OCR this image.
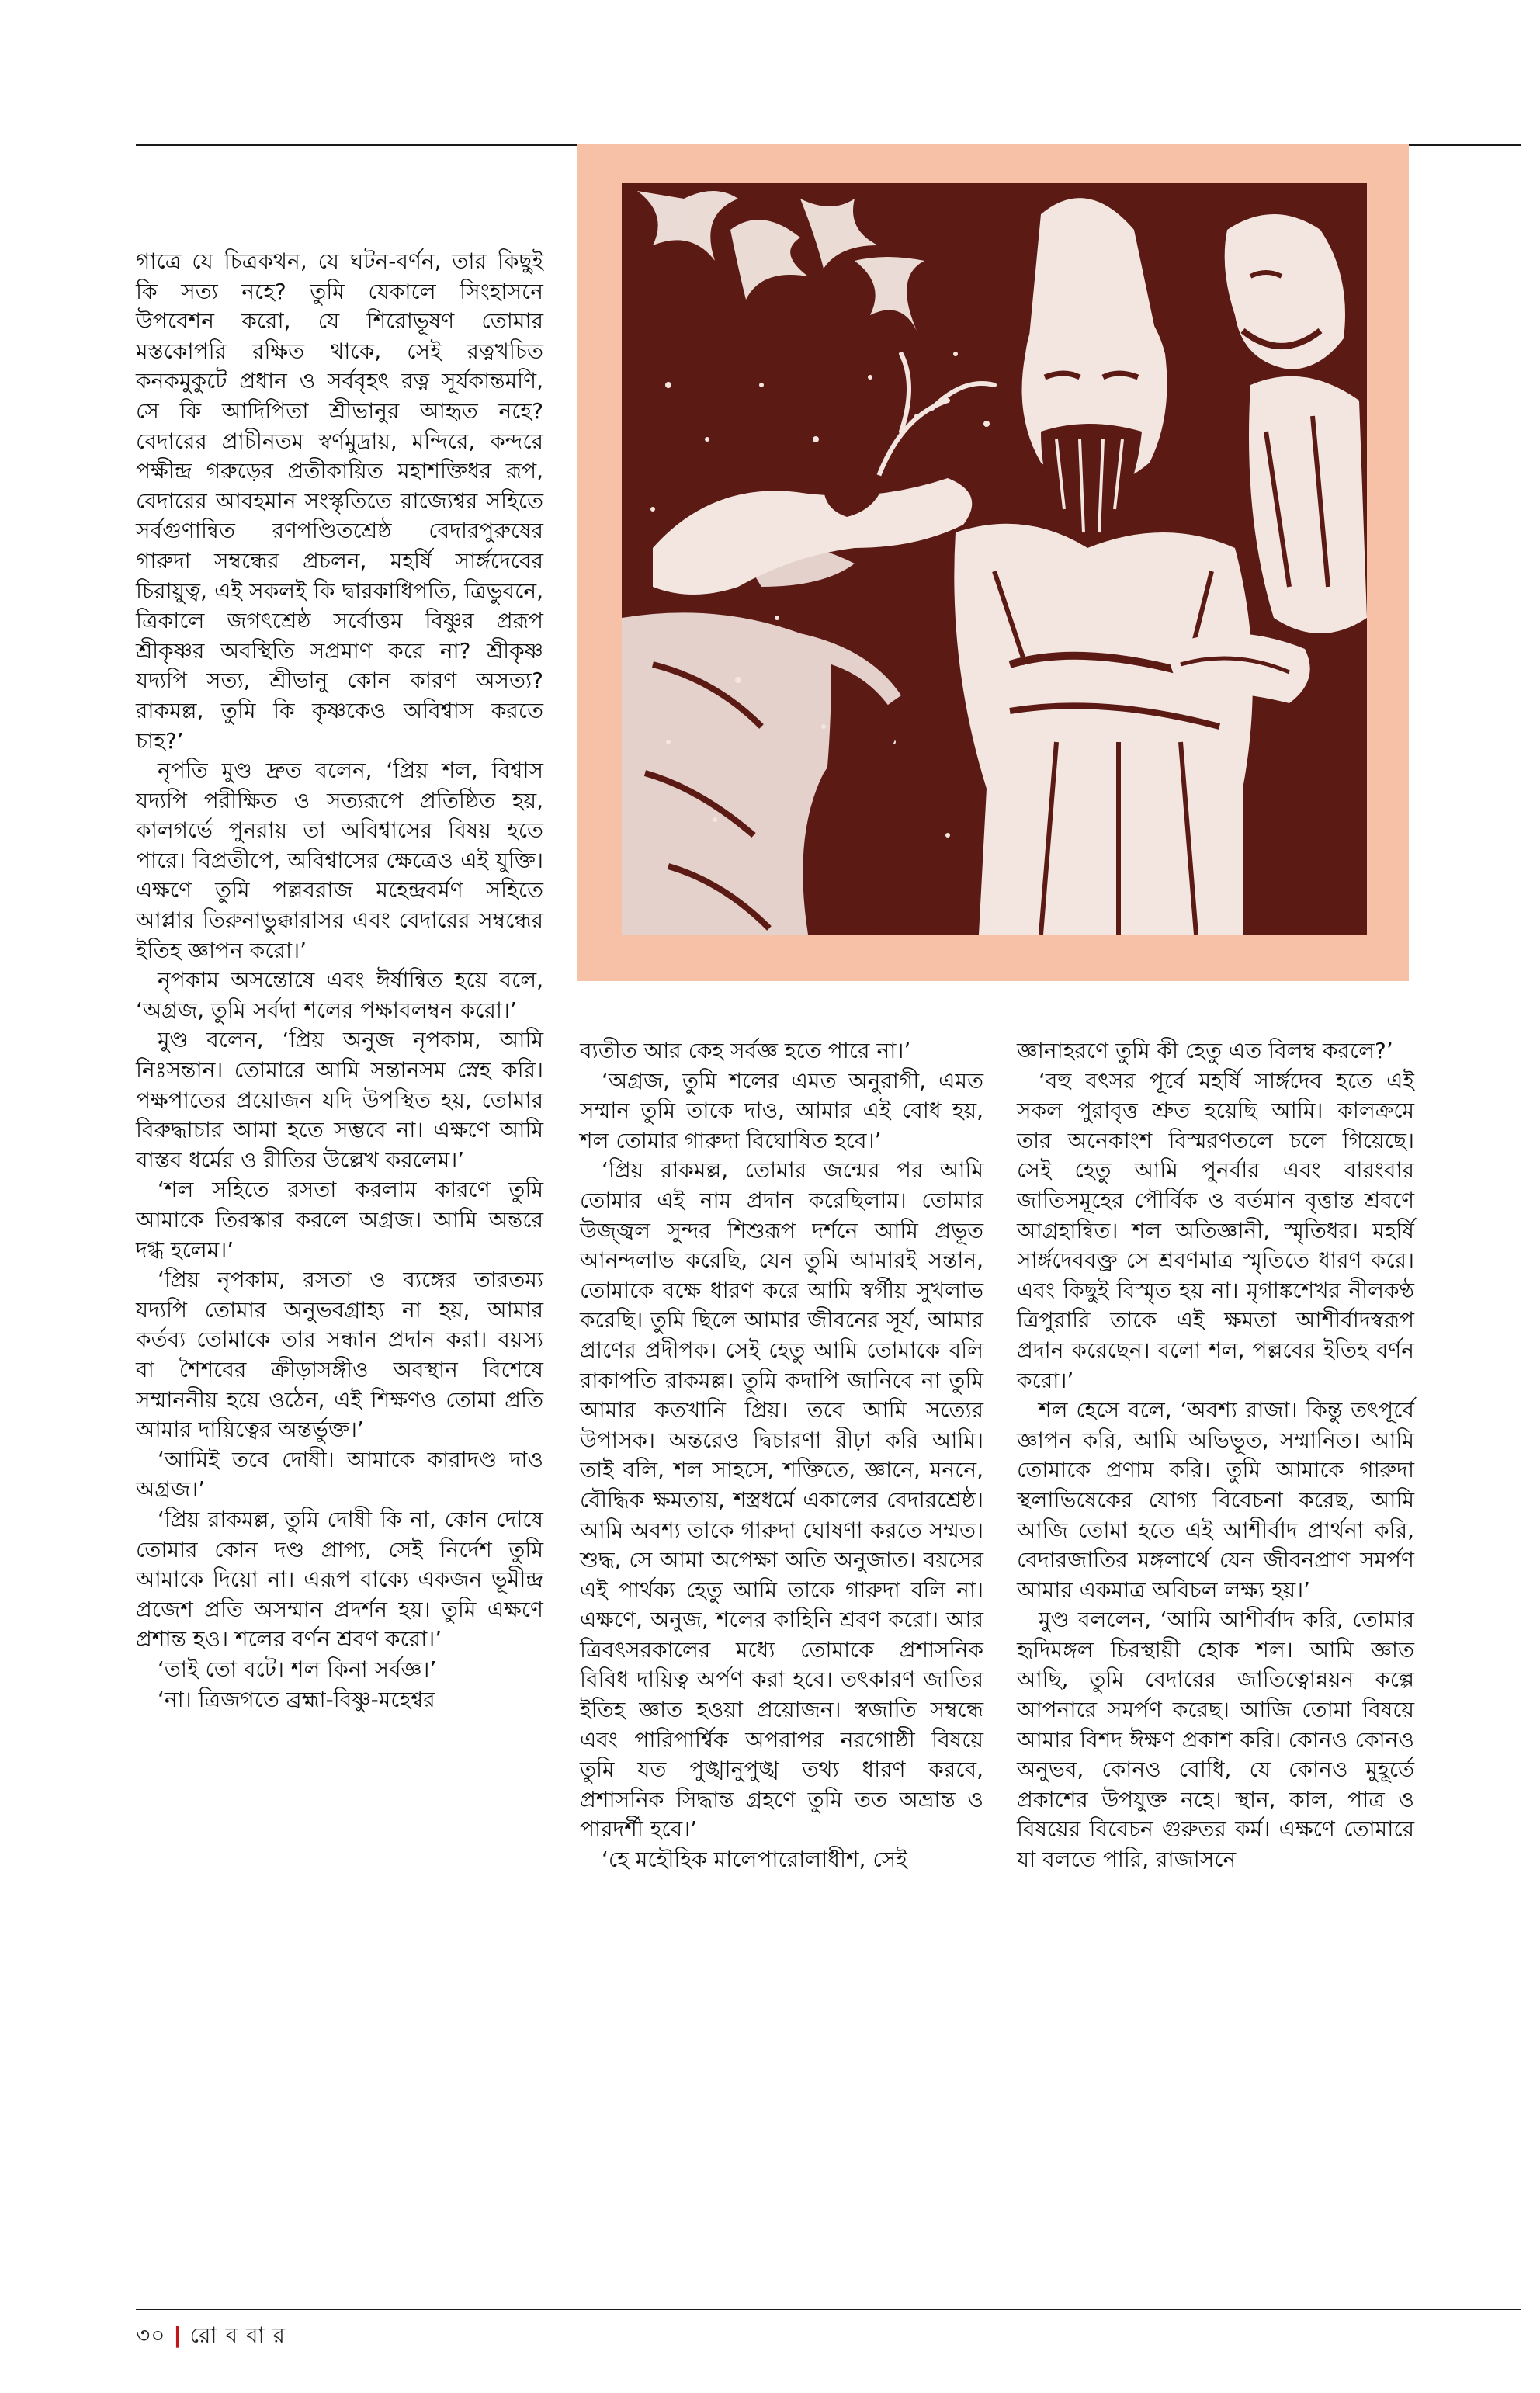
গাত্রে যে চিত্রকথন, যে ঘটন-বর্ণন, তার কিছুই কি সত্য নহে? তুমি যেকালে সিংহাসনে উপবেশন করো, যে শিরোভূষণ তোমার মস্তকোপরি রক্ষিত থাকে, সেই রত্নখচিত কনকমুকুটে প্রধান ও সর্ববৃহৎ রত্ন সূর্যকান্তমণি, সে কি আদিপিতা শ্রীভানুর আহৃত নহে? বেদারের প্রাচীনতম স্বর্ণমুদ্রায়, মন্দিরে, কন্দরে পক্ষীন্দ্র গরুড়ের প্রতীকায়িত মহাশক্তিধর রূপ, বেদারের আবহমান সংস্কৃতিতে রাজ্যেশ্বর সহিতে সর্বগুণান্বিত রণপণ্ডিতশ্রেষ্ঠ বেদারপুরুষের গারুদা সম্বন্ধের প্রচলন, মহর্ষি সার্ঙ্গদেবের চিরায়ুত্ব, এই সকলই কি দ্বারকাধিপতি, ত্রিভুবনে, ত্রিকালে জগৎশ্রেষ্ঠ সর্বোত্তম বিষ্ণুর প্ররূপ শ্রীকৃষ্ণর অবস্থিতি সপ্রমাণ করে না? শ্রীকৃষ্ণ যদ্যপি সত্য, শ্রীভানু কোন কারণ অসত্য? রাকমল্ল, তুমি কি কৃষ্ণকেও অবিশ্বাস করতে চাহ?’

নৃপতি মুণ্ড দ্রুত বলেন, ‘প্রিয় শল, বিশ্বাস যদ্যপি পরীক্ষিত ও সত্যরূপে প্রতিষ্ঠিত হয়, কালগর্ভে পুনরায় তা অবিশ্বাসের বিষয় হতে পারে। বিপ্রতীপে, অবিশ্বাসের ক্ষেত্রেও এই যুক্তি। এক্ষণে তুমি পল্লবরাজ মহেন্দ্রবর্মণ সহিতে আপ্লার তিরুনাভুক্কারাসর এবং বেদারের সম্বন্ধের ইতিহ জ্ঞাপন করো।’

নৃপকাম অসন্তোষে এবং ঈর্ষান্বিত হয়ে বলে, ‘অগ্রজ, তুমি সর্বদা শলের পক্ষাবলম্বন করো।’

মুণ্ড বলেন, ‘প্রিয় অনুজ নৃপকাম, আমি নিঃসন্তান। তোমারে আমি সন্তানসম স্নেহ করি। পক্ষপাতের প্রয়োজন যদি উপস্থিত হয়, তোমার বিরুদ্ধাচার আমা হতে সম্ভবে না। এক্ষণে আমি বাস্তব ধর্মের ও রীতির উল্লেখ করলেম।’

‘শল সহিতে রসতা করলাম কারণে তুমি আমাকে তিরস্কার করলে অগ্রজ। আমি অন্তরে দগ্ধ হলেম।’

‘প্রিয় নৃপকাম, রসতা ও ব্যঙ্গের তারতম্য যদ্যপি তোমার অনুভবগ্রাহ্য না হয়, আমার কর্তব্য তোমাকে তার সন্ধান প্রদান করা। বয়স্য বা শৈশবের ক্রীড়াসঙ্গীও অবস্থান বিশেষে সম্মাননীয় হয়ে ওঠেন, এই শিক্ষণও তোমা প্রতি আমার দায়িত্বের অন্তর্ভুক্ত।’

‘আমিই তবে দোষী। আমাকে কারাদণ্ড দাও অগ্রজ।’

‘প্রিয় রাকমল্ল, তুমি দোষী কি না, কোন দোষে তোমার কোন দণ্ড প্রাপ্য, সেই নির্দেশ তুমি আমাকে দিয়ো না। এরূপ বাক্যে একজন ভূমীন্দ্র প্রজেশ প্রতি অসম্মান প্রদর্শন হয়। তুমি এক্ষণে প্রশান্ত হও। শলের বর্ণন শ্রবণ করো।’

‘তাই তো বটে। শল কিনা সর্বজ্ঞ।’

‘না। ত্রিজগতে ব্রহ্মা-বিষ্ণু-মহেশ্বর

ব্যতীত আর কেহ সর্বজ্ঞ হতে পারে না।’

‘অগ্রজ, তুমি শলের এমত অনুরাগী, এমত সম্মান তুমি তাকে দাও, আমার এই বোধ হয়, শল তোমার গারুদা বিঘোষিত হবে।’

‘প্রিয় রাকমল্ল, তোমার জন্মের পর আমি তোমার এই নাম প্রদান করেছিলাম। তোমার উজ্জ্বল সুন্দর শিশুরূপ দর্শনে আমি প্রভূত আনন্দলাভ করেছি, যেন তুমি আমারই সন্তান, তোমাকে বক্ষে ধারণ করে আমি স্বর্গীয় সুখলাভ করেছি। তুমি ছিলে আমার জীবনের সূর্য, আমার প্রাণের প্রদীপক। সেই হেতু আমি তোমাকে বলি রাকাপতি রাকমল্ল। তুমি কদাপি জানিবে না তুমি আমার কতখানি প্রিয়। তবে আমি সত্যের উপাসক। অন্তরেও দ্বিচারণা রীঢ়া করি আমি। তাই বলি, শল সাহসে, শক্তিতে, জ্ঞানে, মননে, বৌদ্ধিক ক্ষমতায়, শস্ত্রধর্মে একালের বেদারশ্রেষ্ঠ। আমি অবশ্য তাকে গারুদা ঘোষণা করতে সম্মত। শুদ্ধ, সে আমা অপেক্ষা অতি অনুজাত। বয়সের এই পার্থক্য হেতু আমি তাকে গারুদা বলি না। এক্ষণে, অনুজ, শলের কাহিনি শ্রবণ করো। আর ত্রিবৎসরকালের মধ্যে তোমাকে প্রশাসনিক বিবিধ দায়িত্ব অর্পণ করা হবে। তৎকারণ জাতির ইতিহ জ্ঞাত হওয়া প্রয়োজন। স্বজাতি সম্বন্ধে এবং পারিপার্শ্বিক অপরাপর নরগোষ্ঠী বিষয়ে তুমি যত পুঙ্খানুপুঙ্খ তথ্য ধারণ করবে, প্রশাসনিক সিদ্ধান্ত গ্রহণে তুমি তত অভ্রান্ত ও পারদর্শী হবে।’

‘হে মহৌহিক মালেপারোলাধীশ, সেই

জ্ঞানাহরণে তুমি কী হেতু এত বিলম্ব করলে?’

‘বহু বৎসর পূর্বে মহর্ষি সার্ঙ্গদেব হতে এই সকল পুরাবৃত্ত শ্রুত হয়েছি আমি। কালক্রমে তার অনেকাংশ বিস্মরণতলে চলে গিয়েছে। সেই হেতু আমি পুনর্বার এবং বারংবার জাতিসমূহের পৌর্বিক ও বর্তমান বৃত্তান্ত শ্রবণে আগ্রহান্বিত। শল অতিজ্ঞানী, স্মৃতিধর। মহর্ষি সার্ঙ্গদেববক্ত্র সে শ্রবণমাত্র স্মৃতিতে ধারণ করে। এবং কিছুই বিস্মৃত হয় না। মৃগাঙ্কশেখর নীলকণ্ঠ ত্রিপুরারি তাকে এই ক্ষমতা আশীর্বাদস্বরূপ প্রদান করেছেন। বলো শল, পল্লবের ইতিহ বর্ণন করো।’

শল হেসে বলে, ‘অবশ্য রাজা। কিন্তু তৎপূর্বে জ্ঞাপন করি, আমি অভিভূত, সম্মানিত। আমি তোমাকে প্রণাম করি। তুমি আমাকে গারুদা স্থলাভিষেকের যোগ্য বিবেচনা করেছ, আমি আজি তোমা হতে এই আশীর্বাদ প্রার্থনা করি, বেদারজাতির মঙ্গলার্থে যেন জীবনপ্রাণ সমর্পণ আমার একমাত্র অবিচল লক্ষ্য হয়।’

মুণ্ড বললেন, ‘আমি আশীর্বাদ করি, তোমার হৃদিমঙ্গল চিরস্থায়ী হোক শল। আমি জ্ঞাত আছি, তুমি বেদারের জাতিত্বোন্নয়ন কল্পে আপনারে সমর্পণ করেছ। আজি তোমা বিষয়ে আমার বিশদ ঈক্ষণ প্রকাশ করি। কোনও কোনও অনুভব, কোনও বোধি, যে কোনও মুহূর্তে প্রকাশের উপযুক্ত নহে। স্থান, কাল, পাত্র ও বিষয়ের বিবেচন গুরুতর কর্ম। এক্ষণে তোমারে যা বলতে পারি, রাজাসনে

৩০ | রো ব বা র
